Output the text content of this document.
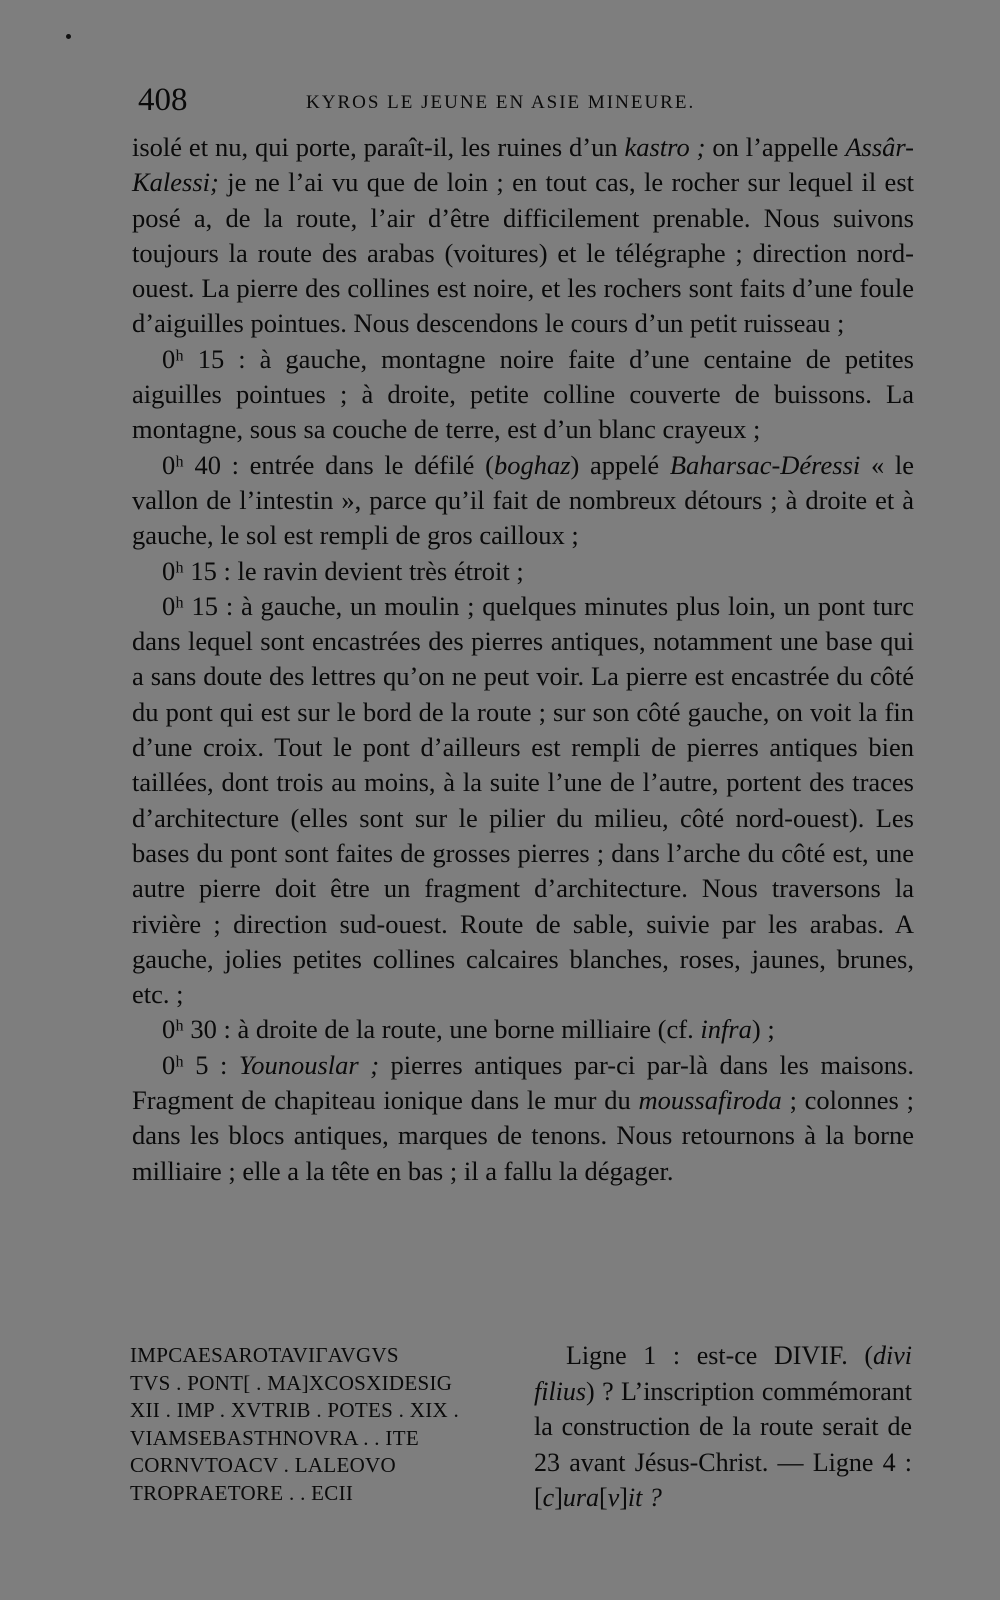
408	KYROS LE JEUNE EN ASIE MINEURE.

isolé et nu, qui porte, paraît-il, les ruines d’un kastro ; on l’appelle Assâr-Kalessi; je ne l’ai vu que de loin ; en tout cas, le rocher sur lequel il est posé a, de la route, l’air d’être difficilement prenable. Nous suivons toujours la route des arabas (voitures) et le télégraphe ; direction nord-ouest. La pierre des collines est noire, et les rochers sont faits d’une foule d’aiguilles pointues. Nous descendons le cours d’un petit ruisseau ;

0ʰ 15 : à gauche, montagne noire faite d’une centaine de petites aiguilles pointues ; à droite, petite colline couverte de buissons. La montagne, sous sa couche de terre, est d’un blanc crayeux ;

0ʰ 40 : entrée dans le défilé (boghaz) appelé Baharsac-Déressi « le vallon de l’intestin », parce qu’il fait de nombreux détours ; à droite et à gauche, le sol est rempli de gros cailloux ;

0ʰ 15 : le ravin devient très étroit ;

0ʰ 15 : à gauche, un moulin ; quelques minutes plus loin, un pont turc dans lequel sont encastrées des pierres antiques, notamment une base qui a sans doute des lettres qu’on ne peut voir. La pierre est encastrée du côté du pont qui est sur le bord de la route ; sur son côté gauche, on voit la fin d’une croix. Tout le pont d’ailleurs est rempli de pierres antiques bien taillées, dont trois au moins, à la suite l’une de l’autre, portent des traces d’architecture (elles sont sur le pilier du milieu, côté nord-ouest). Les bases du pont sont faites de grosses pierres ; dans l’arche du côté est, une autre pierre doit être un fragment d’architecture. Nous traversons la rivière ; direction sud-ouest. Route de sable, suivie par les arabas. A gauche, jolies petites collines calcaires blanches, roses, jaunes, brunes, etc. ;

0ʰ 30 : à droite de la route, une borne milliaire (cf. infra) ;

0ʰ 5 : Younouslar ; pierres antiques par-ci par-là dans les maisons. Fragment de chapiteau ionique dans le mur du moussafiroda ; colonnes ; dans les blocs antiques, marques de tenons. Nous retournons à la borne milliaire ; elle a la tête en bas ; il a fallu la dégager.

IMPCAESAROTAVIΓAVGVS
TVS . PONT[ . MA]XCOSXIDESIG
XII . IMP . XVTRIB . POTES . XIX .
VIAMSEBASTHNOVRA . . ITE
CORNVTOACV . LALEOVO
TROPRAETORE . . ECII

Ligne 1 : est-ce DIVIF. (divi filius) ? L’inscription commémorant la construction de la route serait de 23 avant Jésus-Christ. — Ligne 4 : [c]ura[v]it ?
